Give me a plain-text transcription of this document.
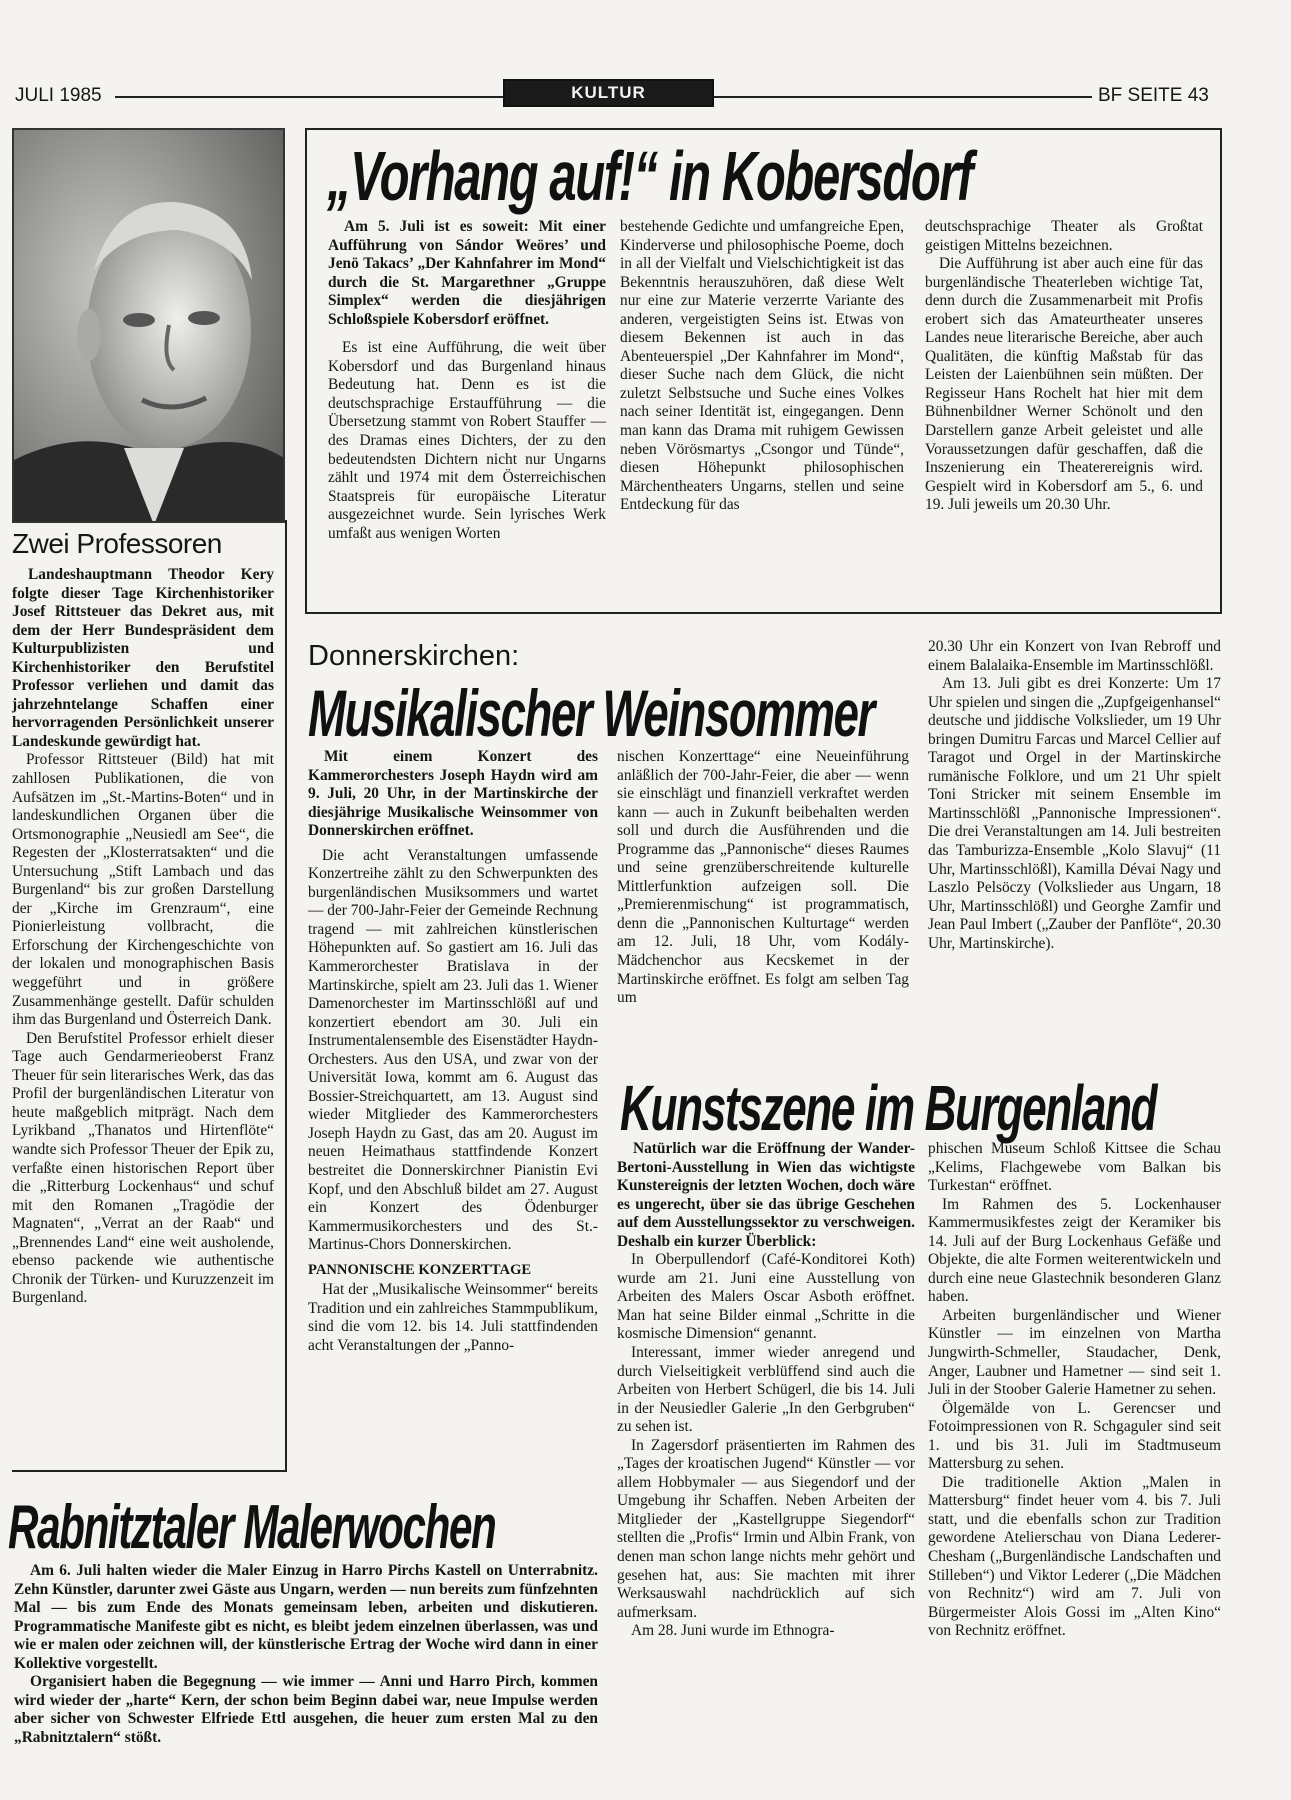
JULI 1985	KULTUR	BF SEITE 43
Zwei Professoren

Landeshauptmann Theodor Kery folgte dieser Tage Kirchenhistoriker Josef Rittsteuer das Dekret aus, mit dem der Herr Bundespräsident dem Kulturpublizisten und Kirchenhistoriker den Berufstitel Professor verliehen und damit das jahrzehntelange Schaffen einer hervorragenden Persönlichkeit unserer Landeskunde gewürdigt hat.

Professor Rittsteuer (Bild) hat mit zahllosen Publikationen, die von Aufsätzen im „St.-Martins-Boten“ und in landeskundlichen Organen über die Ortsmonographie „Neusiedl am See“, die Regesten der „Klosterratsakten“ und die Untersuchung „Stift Lambach und das Burgenland“ bis zur großen Darstellung der „Kirche im Grenzraum“, eine Pionierleistung vollbracht, die Erforschung der Kirchengeschichte von der lokalen und monographischen Basis weggeführt und in größere Zusammenhänge gestellt. Dafür schulden ihm das Burgenland und Österreich Dank.

Den Berufstitel Professor erhielt dieser Tage auch Gendarmerieoberst Franz Theuer für sein literarisches Werk, das das Profil der burgenländischen Literatur von heute maßgeblich mitprägt. Nach dem Lyrikband „Thanatos und Hirtenflöte“ wandte sich Professor Theuer der Epik zu, verfaßte einen historischen Report über die „Ritterburg Lockenhaus“ und schuf mit den Romanen „Tragödie der Magnaten“, „Verrat an der Raab“ und „Brennendes Land“ eine weit ausholende, ebenso packende wie authentische Chronik der Türken- und Kuruzzenzeit im Burgenland.

„Vorhang auf!“ in Kobersdorf

Am 5. Juli ist es soweit: Mit einer Aufführung von Sándor Weöres’ und Jenö Takacs’ „Der Kahnfahrer im Mond“ durch die St. Margarethner „Gruppe Simplex“ werden die diesjährigen Schloßspiele Kobersdorf eröffnet.

Es ist eine Aufführung, die weit über Kobersdorf und das Burgenland hinaus Bedeutung hat. Denn es ist die deutschsprachige Erstaufführung — die Übersetzung stammt von Robert Stauffer — des Dramas eines Dichters, der zu den bedeutendsten Dichtern nicht nur Ungarns zählt und 1974 mit dem Österreichischen Staatspreis für europäische Literatur ausgezeichnet wurde. Sein lyrisches Werk umfaßt aus wenigen Worten

bestehende Gedichte und umfangreiche Epen, Kinderverse und philosophische Poeme, doch in all der Vielfalt und Vielschichtigkeit ist das Bekenntnis herauszuhören, daß diese Welt nur eine zur Materie verzerrte Variante des anderen, vergeistigten Seins ist. Etwas von diesem Bekennen ist auch in das Abenteuerspiel „Der Kahnfahrer im Mond“, dieser Suche nach dem Glück, die nicht zuletzt Selbstsuche und Suche eines Volkes nach seiner Identität ist, eingegangen. Denn man kann das Drama mit ruhigem Gewissen neben Vörösmartys „Csongor und Tünde“, diesen Höhepunkt philosophischen Märchentheaters Ungarns, stellen und seine Entdeckung für das

deutschsprachige Theater als Großtat geistigen Mittelns bezeichnen.

Die Aufführung ist aber auch eine für das burgenländische Theaterleben wichtige Tat, denn durch die Zusammenarbeit mit Profis erobert sich das Amateurtheater unseres Landes neue literarische Bereiche, aber auch Qualitäten, die künftig Maßstab für das Leisten der Laienbühnen sein müßten. Der Regisseur Hans Rochelt hat hier mit dem Bühnenbildner Werner Schönolt und den Darstellern ganze Arbeit geleistet und alle Voraussetzungen dafür geschaffen, daß die Inszenierung ein Theaterereignis wird. Gespielt wird in Kobersdorf am 5., 6. und 19. Juli jeweils um 20.30 Uhr.

Donnerskirchen:
Musikalischer Weinsommer

Mit einem Konzert des Kammerorchesters Joseph Haydn wird am 9. Juli, 20 Uhr, in der Martinskirche der diesjährige Musikalische Weinsommer von Donnerskirchen eröffnet.

Die acht Veranstaltungen umfassende Konzertreihe zählt zu den Schwerpunkten des burgenländischen Musiksommers und wartet — der 700-Jahr-Feier der Gemeinde Rechnung tragend — mit zahlreichen künstlerischen Höhepunkten auf. So gastiert am 16. Juli das Kammerorchester Bratislava in der Martinskirche, spielt am 23. Juli das 1. Wiener Damenorchester im Martinsschlößl auf und konzertiert ebendort am 30. Juli ein Instrumentalensemble des Eisenstädter Haydn-Orchesters. Aus den USA, und zwar von der Universität Iowa, kommt am 6. August das Bossier-Streichquartett, am 13. August sind wieder Mitglieder des Kammerorchesters Joseph Haydn zu Gast, das am 20. August im neuen Heimathaus stattfindende Konzert bestreitet die Donnerskirchner Pianistin Evi Kopf, und den Abschluß bildet am 27. August ein Konzert des Ödenburger Kammermusikorchesters und des St.-Martinus-Chors Donnerskirchen.

PANNONISCHE KONZERTTAGE

Hat der „Musikalische Weinsommer“ bereits Tradition und ein zahlreiches Stammpublikum, sind die vom 12. bis 14. Juli stattfindenden acht Veranstaltungen der „Panno-

nischen Konzerttage“ eine Neueinführung anläßlich der 700-Jahr-Feier, die aber — wenn sie einschlägt und finanziell verkraftet werden kann — auch in Zukunft beibehalten werden soll und durch die Ausführenden und die Programme das „Pannonische“ dieses Raumes und seine grenzüberschreitende kulturelle Mittlerfunktion aufzeigen soll. Die „Premierenmischung“ ist programmatisch, denn die „Pannonischen Kulturtage“ werden am 12. Juli, 18 Uhr, vom Kodály-Mädchenchor aus Kecskemet in der Martinskirche eröffnet. Es folgt am selben Tag um

20.30 Uhr ein Konzert von Ivan Rebroff und einem Balalaika-Ensemble im Martinsschlößl.

Am 13. Juli gibt es drei Konzerte: Um 17 Uhr spielen und singen die „Zupfgeigenhansel“ deutsche und jiddische Volkslieder, um 19 Uhr bringen Dumitru Farcas und Marcel Cellier auf Taragot und Orgel in der Martinskirche rumänische Folklore, und um 21 Uhr spielt Toni Stricker mit seinem Ensemble im Martinsschlößl „Pannonische Impressionen“. Die drei Veranstaltungen am 14. Juli bestreiten das Tamburizza-Ensemble „Kolo Slavuj“ (11 Uhr, Martinsschlößl), Kamilla Dévai Nagy und Laszlo Pelsöczy (Volkslieder aus Ungarn, 18 Uhr, Martinsschlößl) und Georghe Zamfir und Jean Paul Imbert („Zauber der Panflöte“, 20.30 Uhr, Martinskirche).

Kunstszene im Burgenland

Natürlich war die Eröffnung der Wander-Bertoni-Ausstellung in Wien das wichtigste Kunstereignis der letzten Wochen, doch wäre es ungerecht, über sie das übrige Geschehen auf dem Ausstellungssektor zu verschweigen. Deshalb ein kurzer Überblick:

In Oberpullendorf (Café-Konditorei Koth) wurde am 21. Juni eine Ausstellung von Arbeiten des Malers Oscar Asboth eröffnet. Man hat seine Bilder einmal „Schritte in die kosmische Dimension“ genannt.

Interessant, immer wieder anregend und durch Vielseitigkeit verblüffend sind auch die Arbeiten von Herbert Schügerl, die bis 14. Juli in der Neusiedler Galerie „In den Gerbgruben“ zu sehen ist.

In Zagersdorf präsentierten im Rahmen des „Tages der kroatischen Jugend“ Künstler — vor allem Hobbymaler — aus Siegendorf und der Umgebung ihr Schaffen. Neben Arbeiten der Mitglieder der „Kastellgruppe Siegendorf“ stellten die „Profis“ Irmin und Albin Frank, von denen man schon lange nichts mehr gehört und gesehen hat, aus: Sie machten mit ihrer Werksauswahl nachdrücklich auf sich aufmerksam.

Am 28. Juni wurde im Ethnogra-

phischen Museum Schloß Kittsee die Schau „Kelims, Flachgewebe vom Balkan bis Turkestan“ eröffnet.

Im Rahmen des 5. Lockenhauser Kammermusikfestes zeigt der Keramiker bis 14. Juli auf der Burg Lockenhaus Gefäße und Objekte, die alte Formen weiterentwickeln und durch eine neue Glastechnik besonderen Glanz haben.

Arbeiten burgenländischer und Wiener Künstler — im einzelnen von Martha Jungwirth-Schmeller, Staudacher, Denk, Anger, Laubner und Hametner — sind seit 1. Juli in der Stoober Galerie Hametner zu sehen.

Ölgemälde von L. Gerencser und Fotoimpressionen von R. Schgaguler sind seit 1. und bis 31. Juli im Stadtmuseum Mattersburg zu sehen.

Die traditionelle Aktion „Malen in Mattersburg“ findet heuer vom 4. bis 7. Juli statt, und die ebenfalls schon zur Tradition gewordene Atelierschau von Diana Lederer-Chesham („Burgenländische Landschaften und Stilleben“) und Viktor Lederer („Die Mädchen von Rechnitz“) wird am 7. Juli von Bürgermeister Alois Gossi im „Alten Kino“ von Rechnitz eröffnet.

Rabnitztaler Malerwochen

Am 6. Juli halten wieder die Maler Einzug in Harro Pirchs Kastell on Unterrabnitz. Zehn Künstler, darunter zwei Gäste aus Ungarn, werden — nun bereits zum fünfzehnten Mal — bis zum Ende des Monats gemeinsam leben, arbeiten und diskutieren. Programmatische Manifeste gibt es nicht, es bleibt jedem einzelnen überlassen, was und wie er malen oder zeichnen will, der künstlerische Ertrag der Woche wird dann in einer Kollektive vorgestellt.

Organisiert haben die Begegnung — wie immer — Anni und Harro Pirch, kommen wird wieder der „harte“ Kern, der schon beim Beginn dabei war, neue Impulse werden aber sicher von Schwester Elfriede Ettl ausgehen, die heuer zum ersten Mal zu den „Rabnitztalern“ stößt.
